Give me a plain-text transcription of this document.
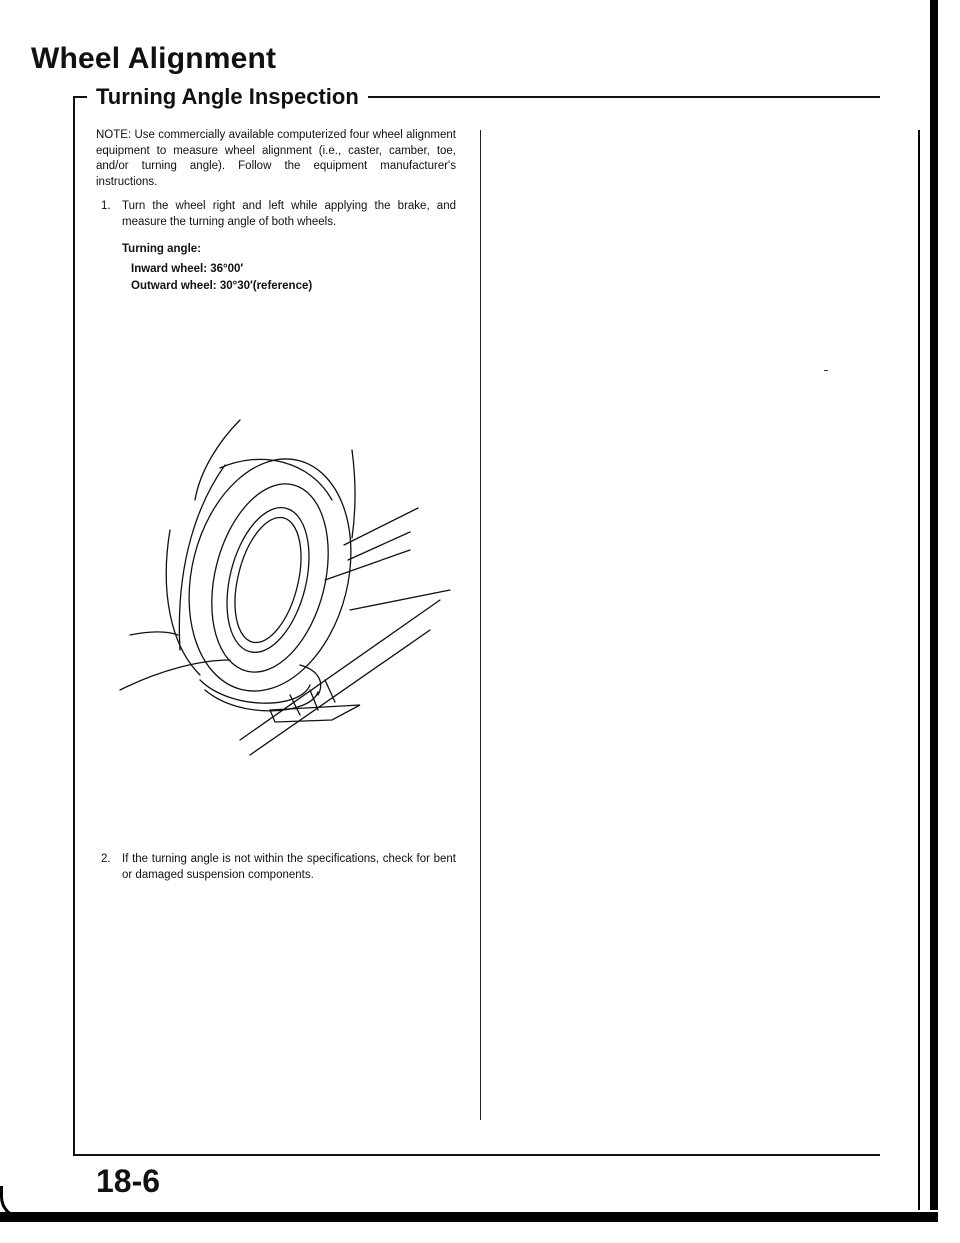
Wheel Alignment
Turning Angle Inspection

NOTE: Use commercially available computerized four wheel alignment equipment to measure wheel alignment (i.e., caster, camber, toe, and/or turning angle). Follow the equipment manufacturer's instructions.

1. Turn the wheel right and left while applying the brake, and measure the turning angle of both wheels.

Turning angle:

Inward wheel: 36°00′

Outward wheel: 30°30′(reference)

2. If the turning angle is not within the specifications, check for bent or damaged suspension components.

18-6
